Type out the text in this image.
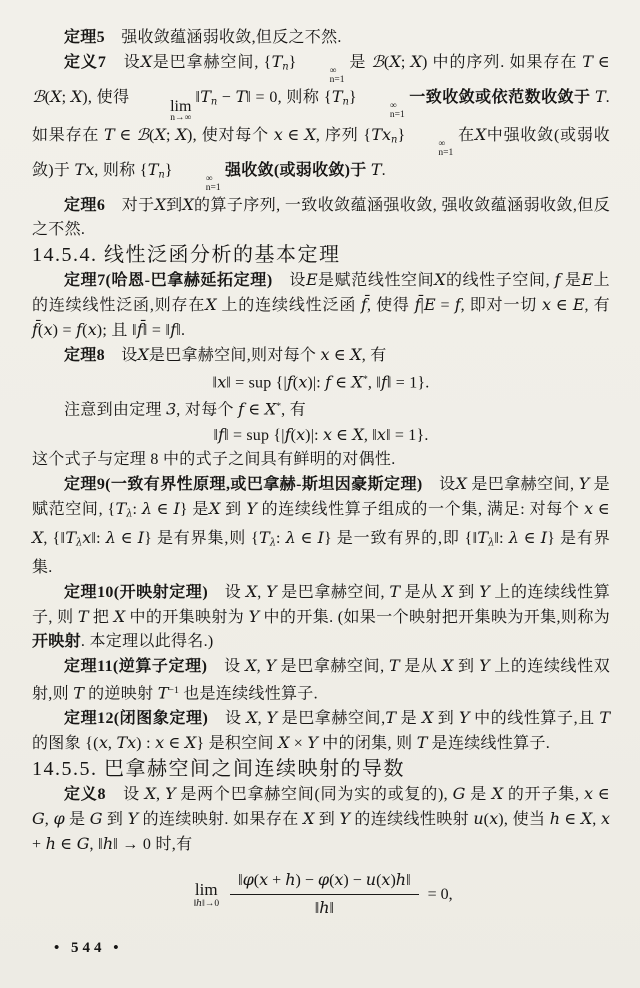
定理5　强收敛蕴涵弱收敛,但反之不然.

定义7　设X是巴拿赫空间, $\{T_n\}$	∞
n=1
是 ℬ(X; X) 中的序列. 如果存在 T ∈ ℬ(X; X), 使得
lim
n→∞
$‖T_n$ − T‖ = 0, 则称 $\{T_n\}$	∞
n=1
一致收敛或依范数收敛于 T. 如果存在 T ∈ ℬ(X; X), 使对每个 x ∈ X, 序列 $\{Tx_n\}$	∞
n=1
在X中强收敛(或弱收敛)于 Tx, 则称 $\{T_n\}$	∞
n=1
强收敛(或弱收敛)于 T.

定理6　对于X到X的算子序列, 一致收敛蕴涵强收敛, 强收敛蕴涵弱收敛,但反之不然.

14.5.4. 线性泛函分析的基本定理

定理7(哈恩-巴拿赫延拓定理)　设E是赋范线性空间X的线性子空间, f 是E上的连续线性泛函,则存在X 上的连续线性泛函 f̄, 使得 f̄|E = f, 即对一切 x ∈ E, 有 f̄(x) = f(x); 且 ‖f̄‖ = ‖f‖.

定理8　设X是巴拿赫空间,则对每个 x ∈ X, 有

‖x‖ = sup {|f(x)|: f ∈ X*, ‖f‖ = 1}.

注意到由定理 3, 对每个 f ∈ X*, 有

‖f‖ = sup {|f(x)|: x ∈ X, ‖x‖ = 1}.

这个式子与定理 8 中的式子之间具有鲜明的对偶性.

定理9(一致有界性原理,或巴拿赫-斯坦因豪斯定理)　设X 是巴拿赫空间, Y 是赋范空间, {$T_\lambda$: λ ∈ I} 是X 到 Y 的连续线性算子组成的一个集, 满足: 对每个 x ∈ X, {$‖T_\lambda x‖$: λ ∈ I} 是有界集,则 {$T_\lambda$: λ ∈ I} 是一致有界的,即 {$‖T_\lambda‖$: λ ∈ I} 是有界集.

定理10(开映射定理)　设 X, Y 是巴拿赫空间, T 是从 X 到 Y 上的连续线性算子, 则 T 把 X 中的开集映射为 Y 中的开集. (如果一个映射把开集映为开集,则称为开映射. 本定理以此得名.)

定理11(逆算子定理)　设 X, Y 是巴拿赫空间, T 是从 X 到 Y 上的连续线性双射,则 T 的逆映射 $T^{-1}$ 也是连续线性算子.

定理12(闭图象定理)　设 X, Y 是巴拿赫空间,T 是 X 到 Y 中的线性算子,且 T 的图象 {(x, Tx) : x ∈ X} 是积空间 X × Y 中的闭集, 则 T 是连续线性算子.

14.5.5. 巴拿赫空间之间连续映射的导数

定义8　设 X, Y 是两个巴拿赫空间(同为实的或复的), G 是 X 的开子集, x ∈ G, φ 是 G 到 Y 的连续映射. 如果存在 X 到 Y 的连续线性映射 u(x), 使当 h ∈ X, x + h ∈ G, ‖h‖ → 0 时,有

lim
‖h‖→0 $\frac{‖\varphi(x + h) - \varphi(x) - u(x)h‖}{‖h‖} = 0$,
• 544 •
